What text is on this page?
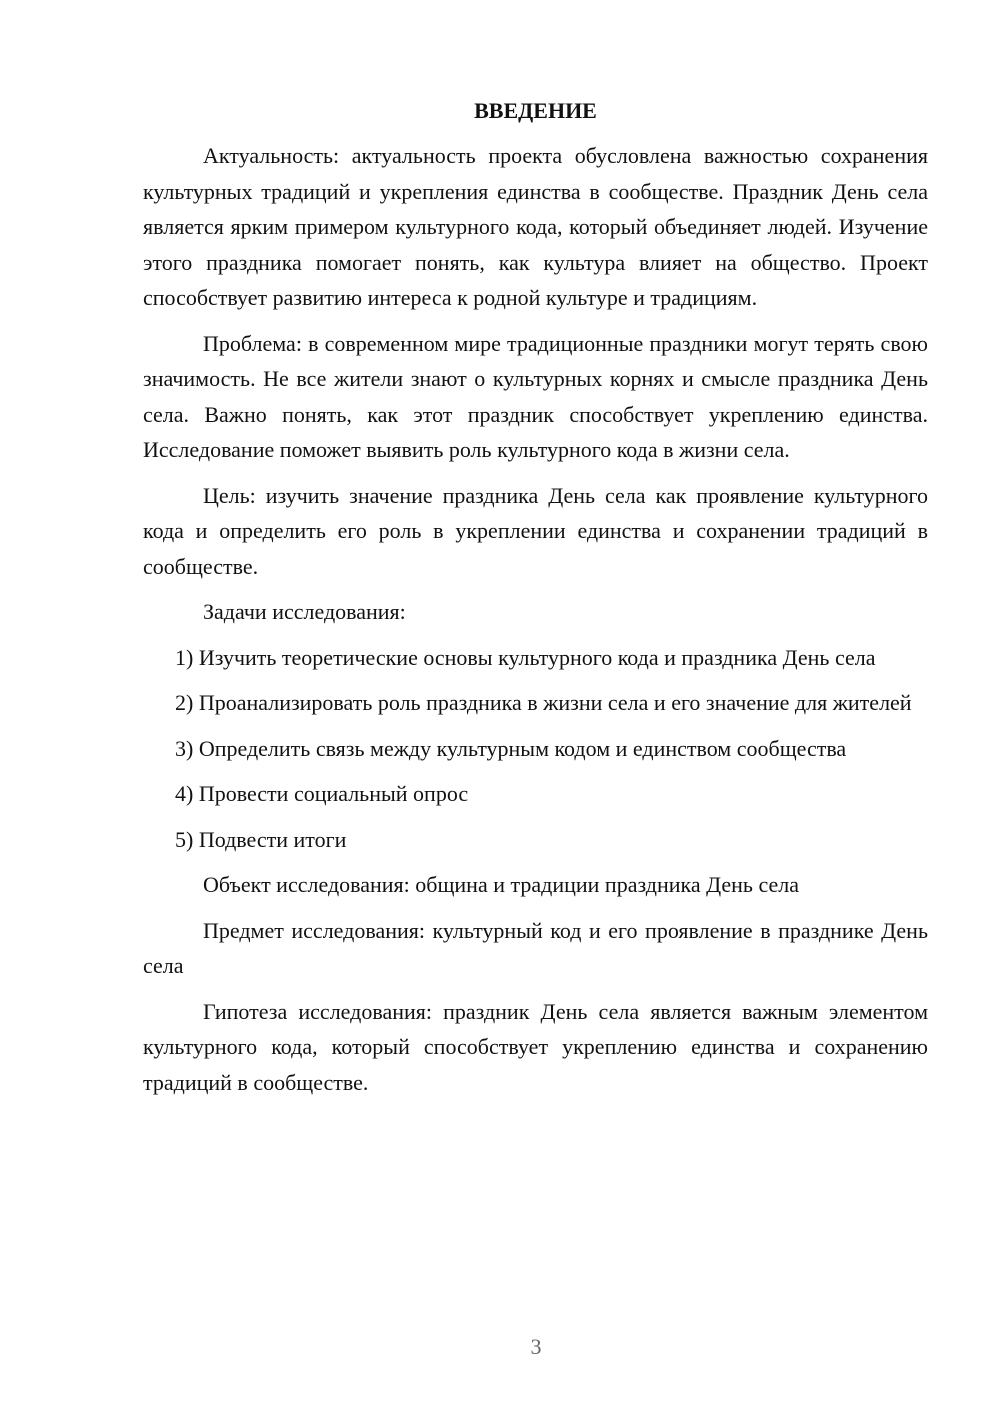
ВВЕДЕНИЕ

Актуальность: актуальность проекта обусловлена важностью сохранения культурных традиций и укрепления единства в сообществе. Праздник День села является ярким примером культурного кода, который объединяет людей. Изучение этого праздника помогает понять, как культура влияет на общество. Проект способствует развитию интереса к родной культуре и традициям.

Проблема: в современном мире традиционные праздники могут терять свою значимость. Не все жители знают о культурных корнях и смысле праздника День села. Важно понять, как этот праздник способствует укреплению единства. Исследование поможет выявить роль культурного кода в жизни села.

Цель: изучить значение праздника День села как проявление культурного кода и определить его роль в укреплении единства и сохранении традиций в сообществе.

Задачи исследования:

1) Изучить теоретические основы культурного кода и праздника День села

2) Проанализировать роль праздника в жизни села и его значение для жителей

3) Определить связь между культурным кодом и единством сообщества

4) Провести социальный опрос

5) Подвести итоги

Объект исследования: община и традиции праздника День села

Предмет исследования: культурный код и его проявление в празднике День села

Гипотеза исследования: праздник День села является важным элементом культурного кода, который способствует укреплению единства и сохранению традиций в сообществе.

3
